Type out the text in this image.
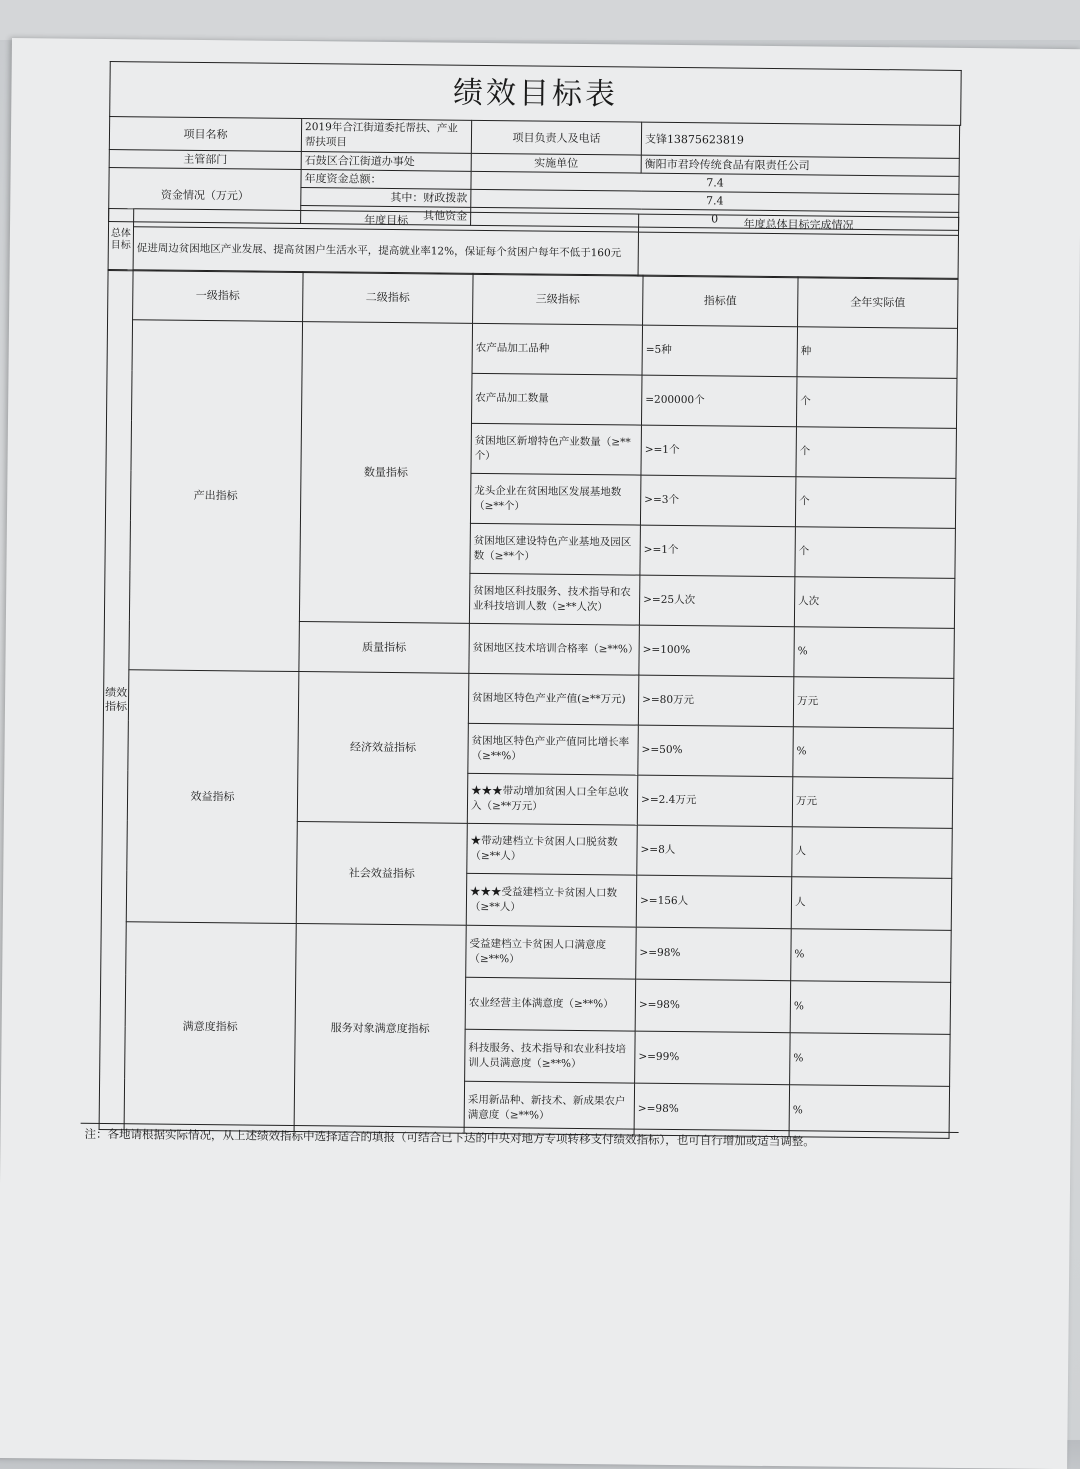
绩效目标表
项目名称	2019年合江街道委托帮扶、产业帮扶项目	项目负责人及电话	支锋13875623819
主管部门	石鼓区合江街道办事处	实施单位	衡阳市君玲传统食品有限责任公司
资金情况（万元）	年度资金总额：	7.4	
	其中：财政拨款	7.4	
	其他资金	0	
总体目标	年度目标	年度总体目标完成情况
	促进周边贫困地区产业发展、提高贫困户生活水平，提高就业率12%，保证每个贫困户每年不低于160元	
绩效指标	一级指标	二级指标	三级指标	指标值	全年实际值
	产出指标	数量指标	农产品加工品种	=5种	种
			农产品加工数量	=200000个	个
			贫困地区新增特色产业数量（≥**个）	>=1个	个
			龙头企业在贫困地区发展基地数（≥**个）	>=3个	个
			贫困地区建设特色产业基地及园区数（≥**个）	>=1个	个
			贫困地区科技服务、技术指导和农业科技培训人数（≥**人次）	>=25人次	人次
		质量指标	贫困地区技术培训合格率（≥**%）	>=100%	%
	效益指标	经济效益指标	贫困地区特色产业产值(≥**万元)	>=80万元	万元
			贫困地区特色产业产值同比增长率（≥**%）	>=50%	%
			★★★带动增加贫困人口全年总收入（≥**万元）	>=2.4万元	万元
		社会效益指标	★带动建档立卡贫困人口脱贫数（≥**人）	>=8人	人
			★★★受益建档立卡贫困人口数（≥**人）	>=156人	人
	满意度指标	服务对象满意度指标	受益建档立卡贫困人口满意度（≥**%）	>=98%	%
			农业经营主体满意度（≥**%）	>=98%	%
			科技服务、技术指导和农业科技培训人员满意度（≥**%）	>=99%	%
			采用新品种、新技术、新成果农户满意度（≥**%）	>=98%	%
注：各地请根据实际情况，从上述绩效指标中选择适合的填报（可结合已下达的中央对地方专项转移支付绩效指标），也可自行增加或适当调整。
